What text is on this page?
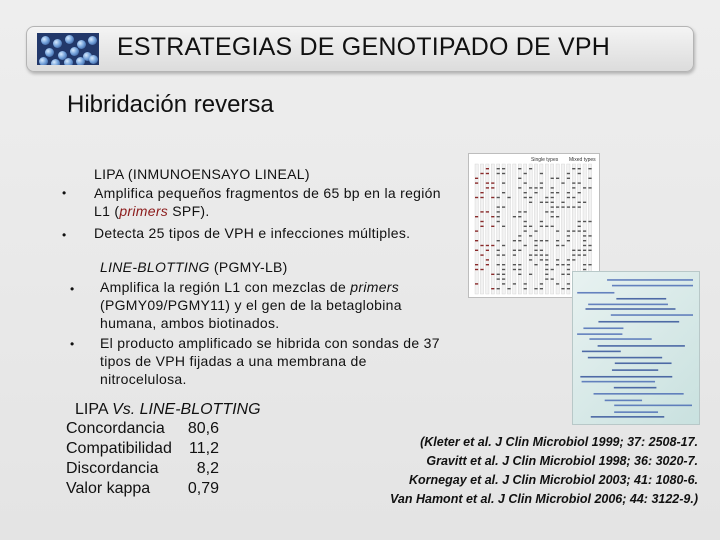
ESTRATEGIAS DE GENOTIPADO DE VPH
Hibridación reversa
LIPA (INMUNOENSAYO LINEAL)
• Amplifica pequeños fragmentos de 65 bp en la región L1 (primers SPF).
• Detecta 25 tipos de VPH e infecciones múltiples.
LINE-BLOTTING (PGMY-LB)
• Amplifica la región L1 con mezclas de primers (PGMY09/PGMY11) y el gen de la betaglobina humana, ambos biotinados.
• El producto amplificado se hibrida con sondas de 37 tipos de VPH fijadas a una membrana de nitrocelulosa.
Single types Mixed types
LIPA Vs. LINE-BLOTTING
Concordancia	80,6
Compatibilidad	11,2
Discordancia	8,2
Valor kappa	0,79
(Kleter et al. J Clin Microbiol 1999; 37: 2508-17.
Gravitt et al. J Clin Microbiol 1998; 36: 3020-7.
Kornegay et al. J Clin Microbiol 2003; 41: 1080-6.
Van Hamont et al. J Clin Microbiol 2006; 44: 3122-9.)
